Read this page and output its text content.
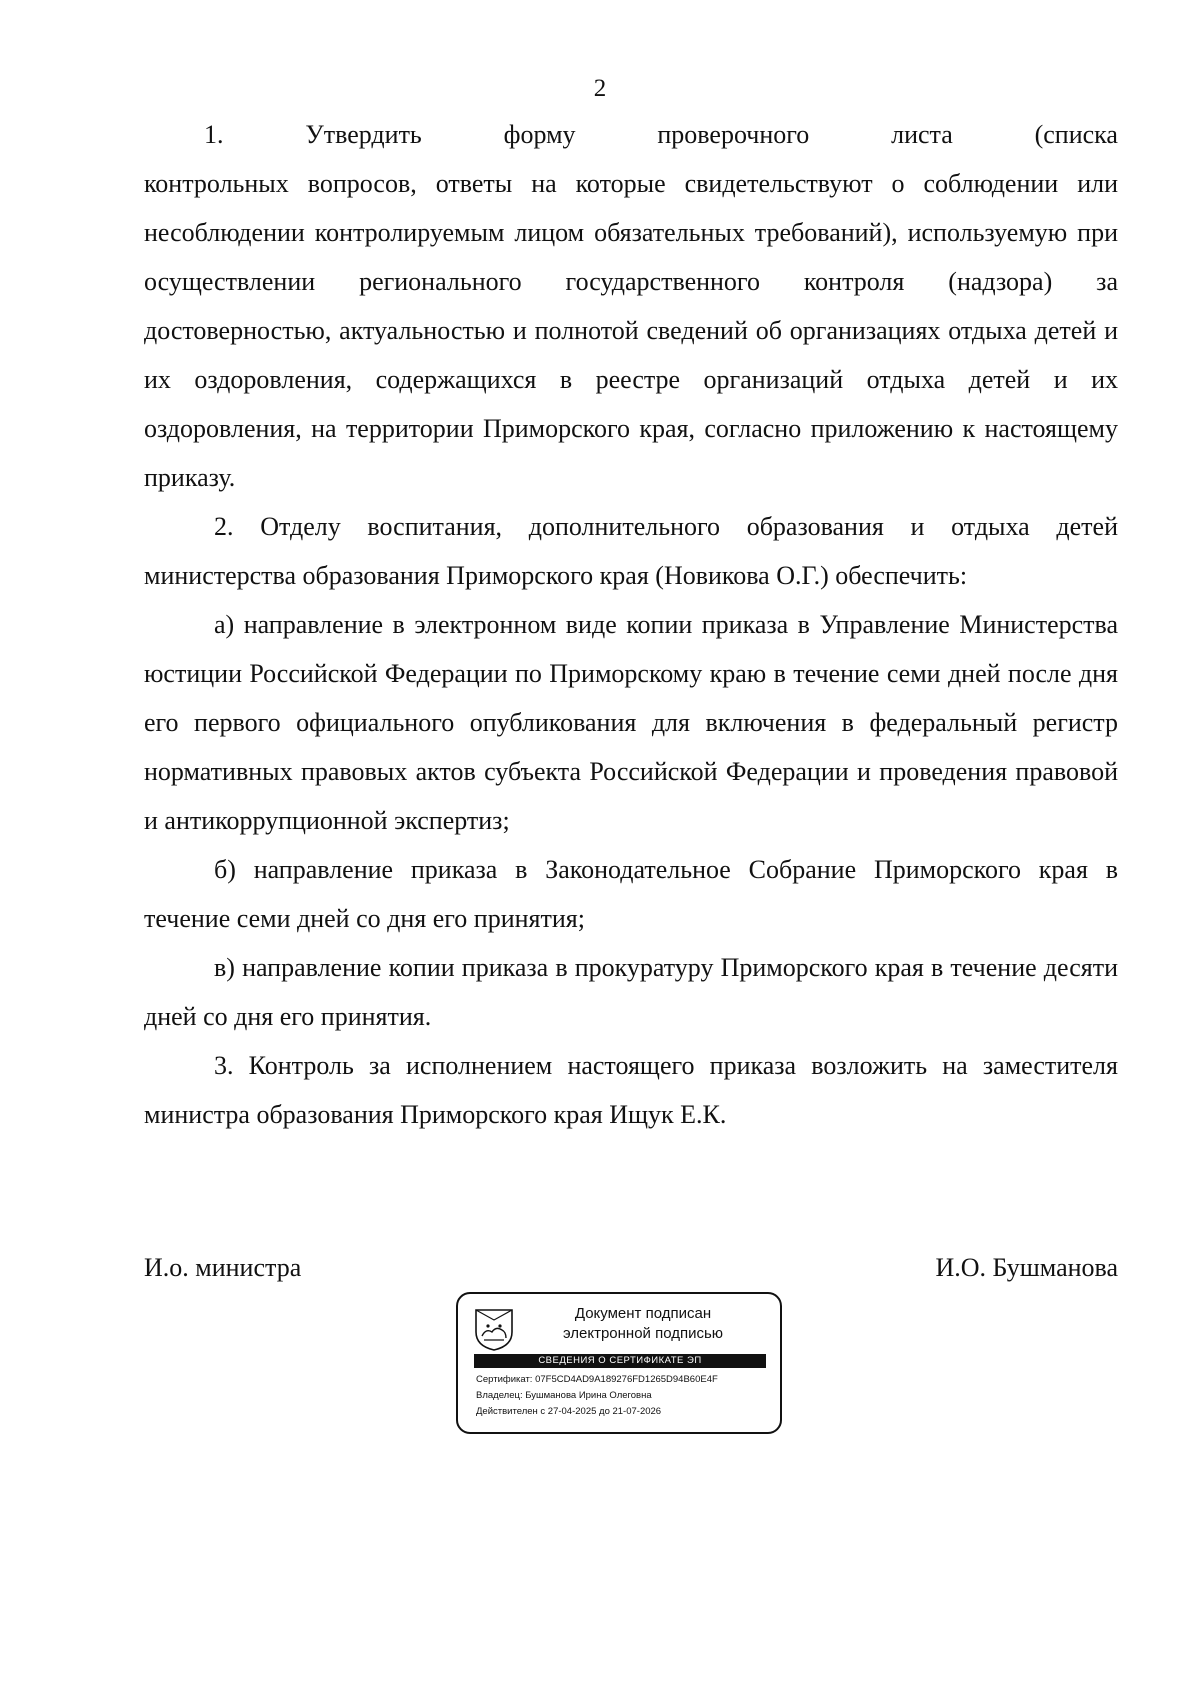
2
1.	Утвердить	форму	проверочного	листа	(списка

контрольных вопросов, ответы на которые свидетельствуют о соблюдении или несоблюдении контролируемым лицом обязательных требований), используемую при осуществлении регионального государственного контроля (надзора) за достоверностью, актуальностью и полнотой сведений об организациях отдыха детей и их оздоровления, содержащихся в реестре организаций отдыха детей и их оздоровления, на территории Приморского края, согласно приложению к настоящему приказу.

2. Отделу воспитания, дополнительного образования и отдыха детей министерства образования Приморского края (Новикова О.Г.) обеспечить:

а) направление в электронном виде копии приказа в Управление Министерства юстиции Российской Федерации по Приморскому краю в течение семи дней после дня его первого официального опубликования для включения в федеральный регистр нормативных правовых актов субъекта Российской Федерации и проведения правовой и антикоррупционной экспертиз;

б) направление приказа в Законодательное Собрание Приморского края в течение семи дней со дня его принятия;

в) направление копии приказа в прокуратуру Приморского края в течение десяти дней со дня его принятия.

3. Контроль за исполнением настоящего приказа возложить на заместителя министра образования Приморского края Ищук Е.К.

И.о. министра	И.О. Бушманова
Документ подписан
электронной подписью
СВЕДЕНИЯ О СЕРТИФИКАТЕ ЭП
Сертификат: 07F5CD4AD9A189276FD1265D94B60E4F
Владелец: Бушманова Ирина Олеговна
Действителен с 27-04-2025 до 21-07-2026
